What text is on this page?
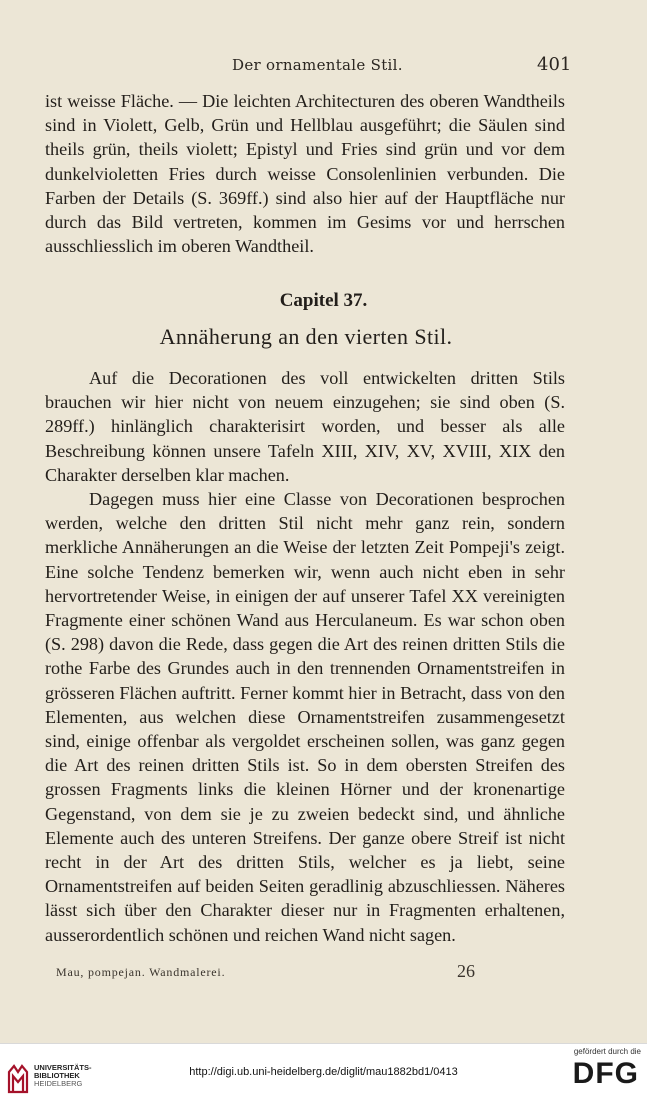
Der ornamentale Stil.	401

ist weisse Fläche. — Die leichten Architecturen des oberen Wandtheils sind in Violett, Gelb, Grün und Hellblau ausgeführt; die Säulen sind theils grün, theils violett; Epistyl und Fries sind grün und vor dem dunkelvioletten Fries durch weisse Consolenlinien verbunden. Die Farben der Details (S. 369ff.) sind also hier auf der Hauptfläche nur durch das Bild vertreten, kommen im Gesims vor und herrschen ausschliesslich im oberen Wandtheil.

Capitel 37.
Annäherung an den vierten Stil.

Auf die Decorationen des voll entwickelten dritten Stils brauchen wir hier nicht von neuem einzugehen; sie sind oben (S. 289ff.) hinlänglich charakterisirt worden, und besser als alle Beschreibung können unsere Tafeln XIII, XIV, XV, XVIII, XIX den Charakter derselben klar machen.

Dagegen muss hier eine Classe von Decorationen besprochen werden, welche den dritten Stil nicht mehr ganz rein, sondern merkliche Annäherungen an die Weise der letzten Zeit Pompeji's zeigt. Eine solche Tendenz bemerken wir, wenn auch nicht eben in sehr hervortretender Weise, in einigen der auf unserer Tafel XX vereinigten Fragmente einer schönen Wand aus Herculaneum. Es war schon oben (S. 298) davon die Rede, dass gegen die Art des reinen dritten Stils die rothe Farbe des Grundes auch in den trennenden Ornamentstreifen in grösseren Flächen auftritt. Ferner kommt hier in Betracht, dass von den Elementen, aus welchen diese Ornamentstreifen zusammengesetzt sind, einige offenbar als vergoldet erscheinen sollen, was ganz gegen die Art des reinen dritten Stils ist. So in dem obersten Streifen des grossen Fragments links die kleinen Hörner und der kronenartige Gegenstand, von dem sie je zu zweien bedeckt sind, und ähnliche Elemente auch des unteren Streifens. Der ganze obere Streif ist nicht recht in der Art des dritten Stils, welcher es ja liebt, seine Ornamentstreifen auf beiden Seiten geradlinig abzuschliessen. Näheres lässt sich über den Charakter dieser nur in Fragmenten erhaltenen, ausserordentlich schönen und reichen Wand nicht sagen.

Mau, pompejan. Wandmalerei.	26
UNIVERSITÄTS-
BIBLIOTHEK
HEIDELBERG
http://digi.ub.uni-heidelberg.de/diglit/mau1882bd1/0413
gefördert durch die
DFG
